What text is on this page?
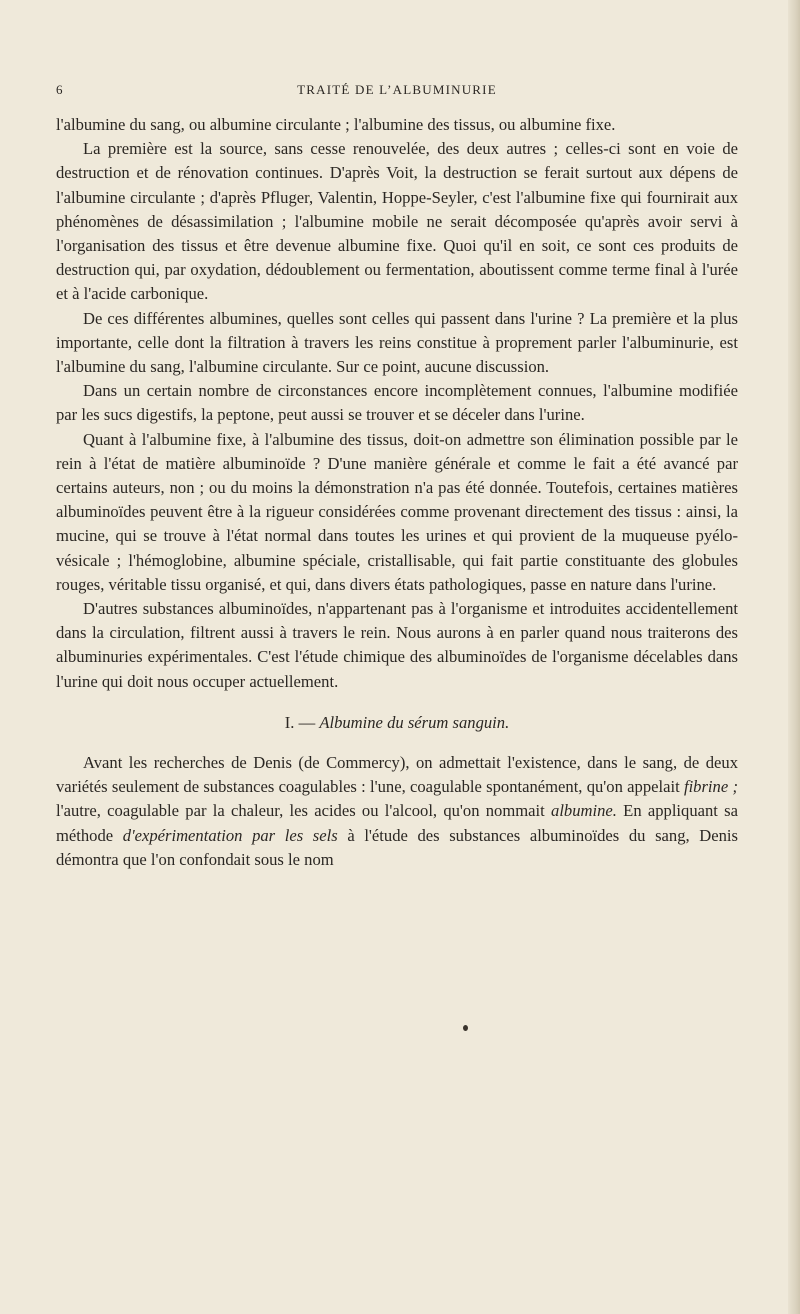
6	TRAITÉ DE L’ALBUMINURIE

l'albumine du sang, ou albumine circulante ; l'albumine des tissus, ou albumine fixe.

La première est la source, sans cesse renouvelée, des deux autres ; celles-ci sont en voie de destruction et de rénovation continues. D'après Voit, la destruction se ferait surtout aux dépens de l'albumine circulante ; d'après Pfluger, Valentin, Hoppe-Seyler, c'est l'albumine fixe qui fournirait aux phénomènes de désassimilation ; l'albumine mobile ne serait décomposée qu'après avoir servi à l'organisation des tissus et être devenue albumine fixe. Quoi qu'il en soit, ce sont ces produits de destruction qui, par oxydation, dédoublement ou fermentation, aboutissent comme terme final à l'urée et à l'acide carbonique.

De ces différentes albumines, quelles sont celles qui passent dans l'urine ? La première et la plus importante, celle dont la filtration à travers les reins constitue à proprement parler l'albuminurie, est l'albumine du sang, l'albumine circulante. Sur ce point, aucune discussion.

Dans un certain nombre de circonstances encore incomplètement connues, l'albumine modifiée par les sucs digestifs, la peptone, peut aussi se trouver et se déceler dans l'urine.

Quant à l'albumine fixe, à l'albumine des tissus, doit-on admettre son élimination possible par le rein à l'état de matière albuminoïde ? D'une manière générale et comme le fait a été avancé par certains auteurs, non ; ou du moins la démonstration n'a pas été donnée. Toutefois, certaines matières albuminoïdes peuvent être à la rigueur considérées comme provenant directement des tissus : ainsi, la mucine, qui se trouve à l'état normal dans toutes les urines et qui provient de la muqueuse pyélo-vésicale ; l'hémoglobine, albumine spéciale, cristallisable, qui fait partie constituante des globules rouges, véritable tissu organisé, et qui, dans divers états pathologiques, passe en nature dans l'urine.

D'autres substances albuminoïdes, n'appartenant pas à l'organisme et introduites accidentellement dans la circulation, filtrent aussi à travers le rein. Nous aurons à en parler quand nous traiterons des albuminuries expérimentales. C'est l'étude chimique des albuminoïdes de l'organisme décelables dans l'urine qui doit nous occuper actuellement.

I. — Albumine du sérum sanguin.

Avant les recherches de Denis (de Commercy), on admettait l'existence, dans le sang, de deux variétés seulement de substances coagulables : l'une, coagulable spontanément, qu'on appelait fibrine ; l'autre, coagulable par la chaleur, les acides ou l'alcool, qu'on nommait albumine. En appliquant sa méthode d'expérimentation par les sels à l'étude des substances albuminoïdes du sang, Denis démontra que l'on confondait sous le nom
